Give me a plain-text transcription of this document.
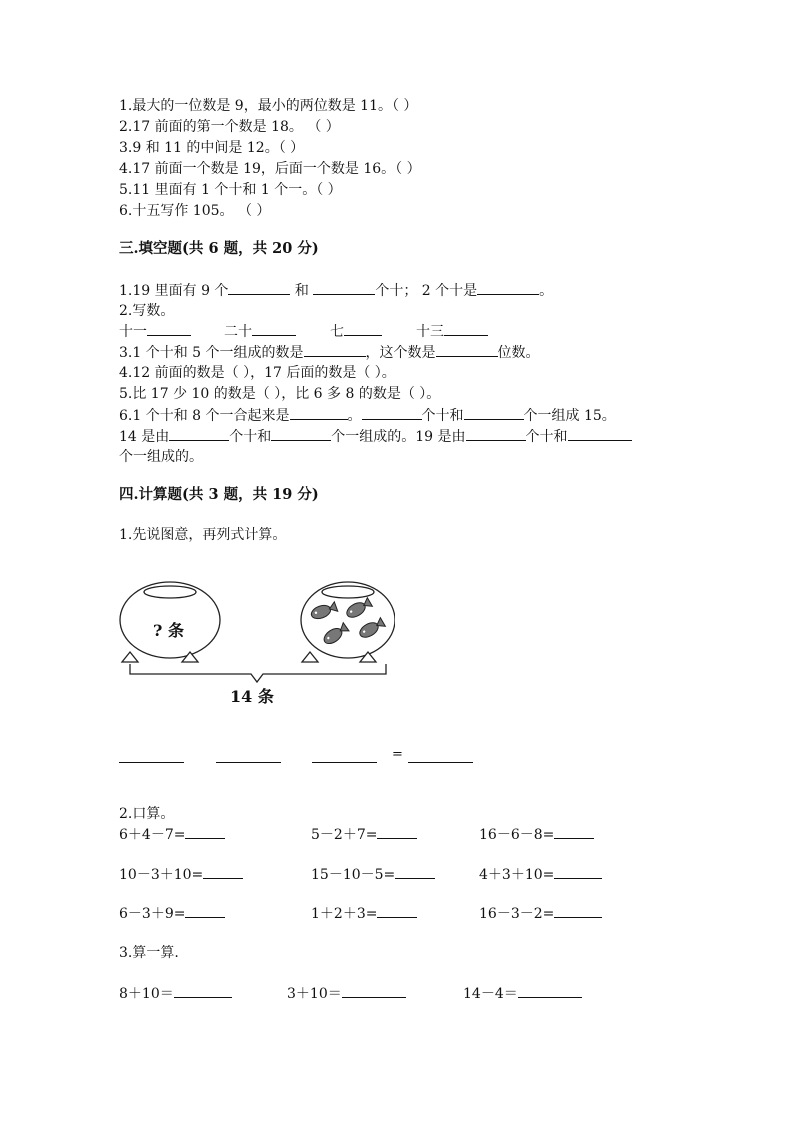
1.最大的一位数是 9，最小的两位数是 11。（ ）
2.17 前面的第一个数是 18。 （ ）
3.9 和 11 的中间是 12。（ ）
4.17 前面一个数是 19，后面一个数是 16。（ ）
5.11 里面有 1 个十和 1 个一。（ ）
6.十五写作 105。 （ ）
三.填空题(共 6 题，共 20 分)
1.19 里面有 9 个	和	个十； 2 个十是	。
2.写数。
十一	二十	七	十三
3.1 个十和 5 个一组成的数是	，这个数是	位数。
4.12 前面的数是（ ），17 后面的数是（ ）。
5.比 17 少 10 的数是（ ），比 6 多 8 的数是（ ）。
6.1 个十和 8 个一合起来是	。	个十和	个一组成 15。
14 是由	个十和	个一组成的。19 是由	个十和
个一组成的。
四.计算题(共 3 题，共 19 分)
1.先说图意，再列式计算。
? 条
14 条
=
2.口算。
6＋4－7=	5－2＋7=	16－6－8=
10－3＋10=	15－10－5=	4＋3＋10=
6－3＋9=	1＋2＋3=	16－3－2=
3.算一算.
8＋10＝	3＋10＝	14－4＝
